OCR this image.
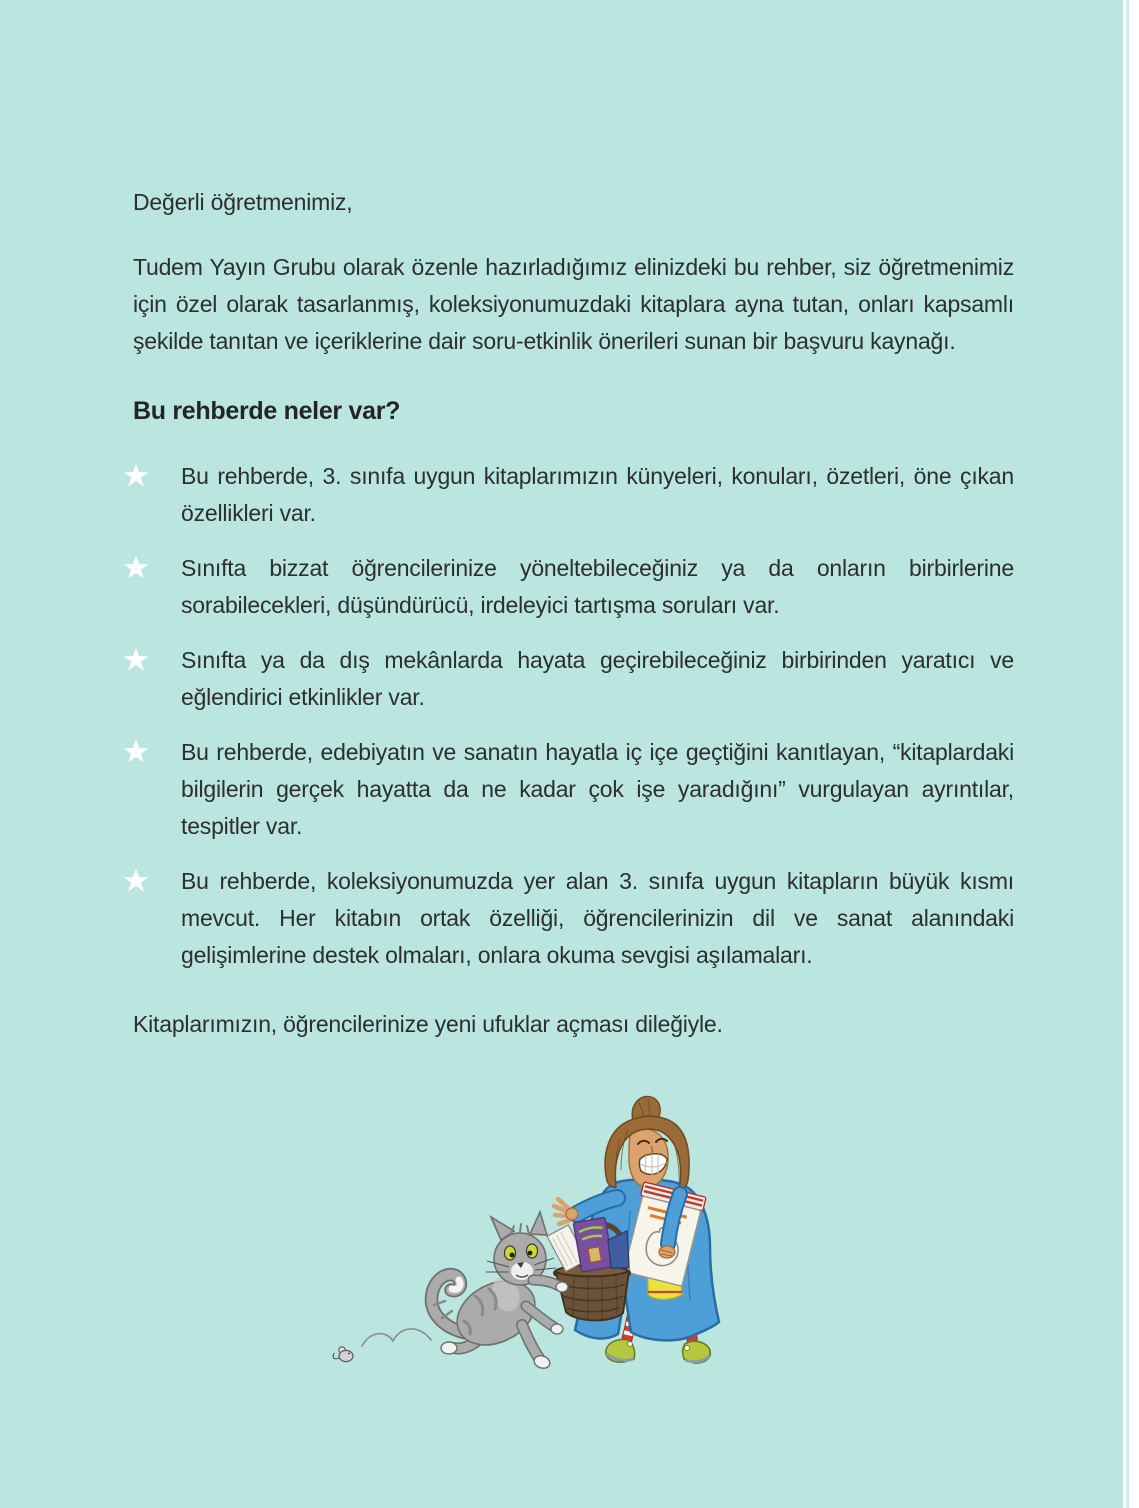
Değerli öğretmenimiz,

Tudem Yayın Grubu olarak özenle hazırladığımız elinizdeki bu rehber, siz öğretmenimiz için özel olarak tasarlanmış, koleksiyonumuzdaki kitaplara ayna tutan, onları kapsamlı şekilde tanıtan ve içeriklerine dair soru-etkinlik önerileri sunan bir başvuru kaynağı.

Bu rehberde neler var?

Bu rehberde, 3. sınıfa uygun kitaplarımızın künyeleri, konuları, özetleri, öne çıkan özellikleri var.

Sınıfta bizzat öğrencilerinize yöneltebileceğiniz ya da onların birbirlerine sorabilecekleri, düşündürücü, irdeleyici tartışma soruları var.

Sınıfta ya da dış mekânlarda hayata geçirebileceğiniz birbirinden yaratıcı ve eğlendirici etkinlikler var.

Bu rehberde, edebiyatın ve sanatın hayatla iç içe geçtiğini kanıtlayan, “kitaplardaki bilgilerin gerçek hayatta da ne kadar çok işe yaradığını” vurgulayan ayrıntılar, tespitler var.

Bu rehberde, koleksiyonumuzda yer alan 3. sınıfa uygun kitapların büyük kısmı mevcut. Her kitabın ortak özelliği, öğrencilerinizin dil ve sanat alanındaki gelişimlerine destek olmaları, onlara okuma sevgisi aşılamaları.

Kitaplarımızın, öğrencilerinize yeni ufuklar açması dileğiyle.
